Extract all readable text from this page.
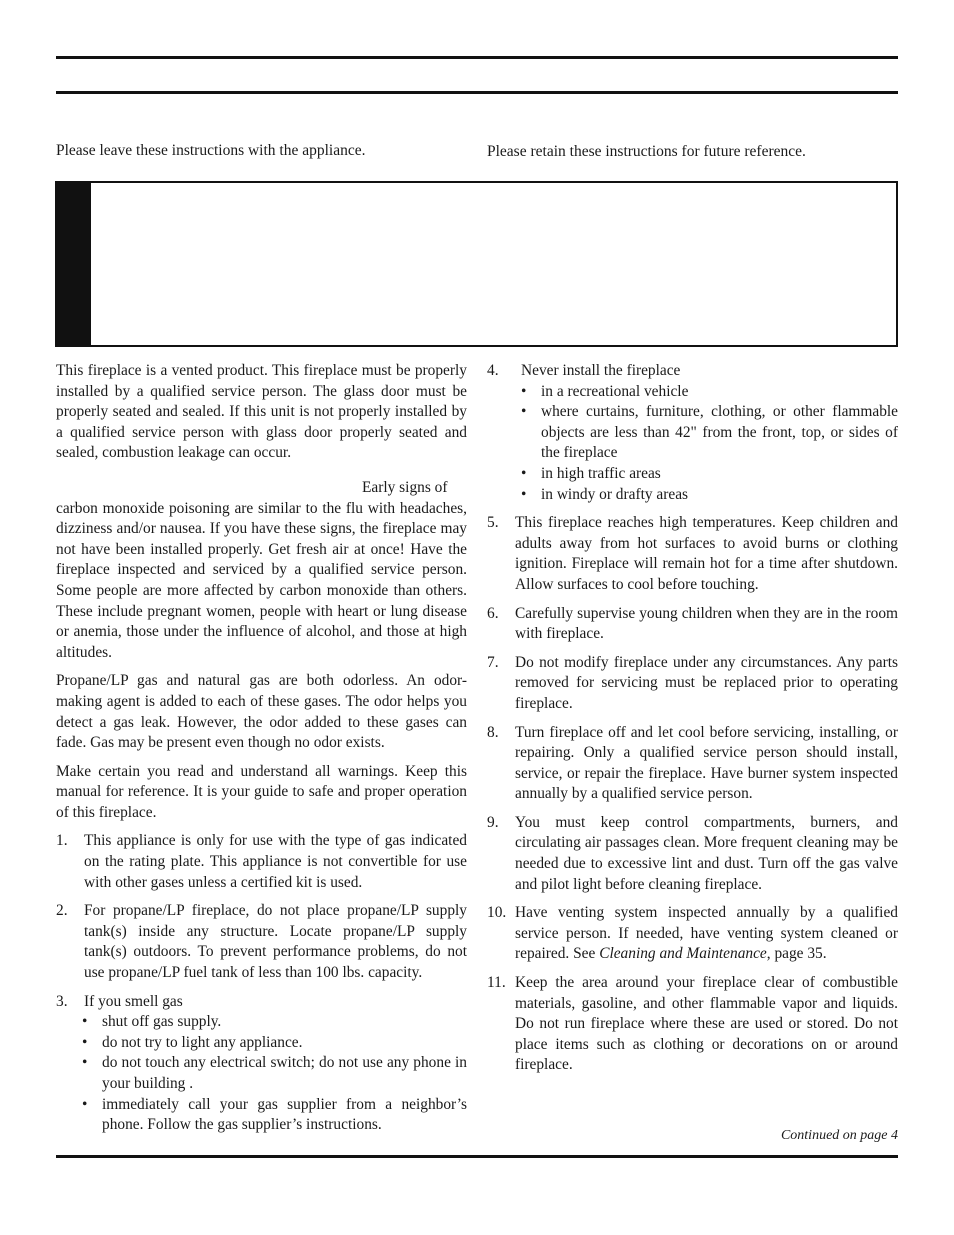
Please leave these instructions with the appliance.	Please retain these instructions for future reference.

This fireplace is a vented product. This fireplace must be properly installed by a qualified service person. The glass door must be properly seated and sealed. If this unit is not properly installed by a qualified service person with glass door properly seated and sealed, combustion leakage can occur.

Early signs of carbon monoxide poisoning are similar to the flu with headaches, dizziness and/or nausea. If you have these signs, the fireplace may not have been installed properly. Get fresh air at once! Have the fireplace inspected and serviced by a qualified service person. Some people are more affected by carbon monoxide than others. These include pregnant women, people with heart or lung disease or anemia, those under the influence of alcohol, and those at high altitudes.

Propane/LP gas and natural gas are both odorless. An odor-making agent is added to each of these gases. The odor helps you detect a gas leak. However, the odor added to these gases can fade. Gas may be present even though no odor exists.

Make certain you read and understand all warnings. Keep this manual for reference. It is your guide to safe and proper operation of this fireplace.

1. This appliance is only for use with the type of gas indicated on the rating plate. This appliance is not convertible for use with other gases unless a certified kit is used.
2. For propane/LP fireplace, do not place propane/LP supply tank(s) inside any structure. Locate propane/LP supply tank(s) outdoors. To prevent performance problems, do not use propane/LP fuel tank of less than 100 lbs. capacity.
3. If you smell gas
• shut off gas supply.
• do not try to light any appliance.
• do not touch any electrical switch; do not use any phone in your building .
• immediately call your gas supplier from a neighbor’s phone. Follow the gas supplier’s instructions.
4. Never install the fireplace
• in a recreational vehicle
• where curtains, furniture, clothing, or other flammable objects are less than 42" from the front, top, or sides of the fireplace
• in high traffic areas
• in windy or drafty areas
5. This fireplace reaches high temperatures. Keep children and adults away from hot surfaces to avoid burns or clothing ignition. Fireplace will remain hot for a time after shutdown. Allow surfaces to cool before touching.
6. Carefully supervise young children when they are in the room with fireplace.
7. Do not modify fireplace under any circumstances. Any parts removed for servicing must be replaced prior to operating fireplace.
8. Turn fireplace off and let cool before servicing, installing, or repairing. Only a qualified service person should install, service, or repair the fireplace. Have burner system inspected annually by a qualified service person.
9. You must keep control compartments, burners, and circulating air passages clean. More frequent cleaning may be needed due to excessive lint and dust. Turn off the gas valve and pilot light before cleaning fireplace.
10. Have venting system inspected annually by a qualified service person. If needed, have venting system cleaned or repaired. See Cleaning and Maintenance, page 35.
11. Keep the area around your fireplace clear of combustible materials, gasoline, and other flammable vapor and liquids. Do not run fireplace where these are used or stored. Do not place items such as clothing or decorations on or around fireplace.
Continued on page 4
